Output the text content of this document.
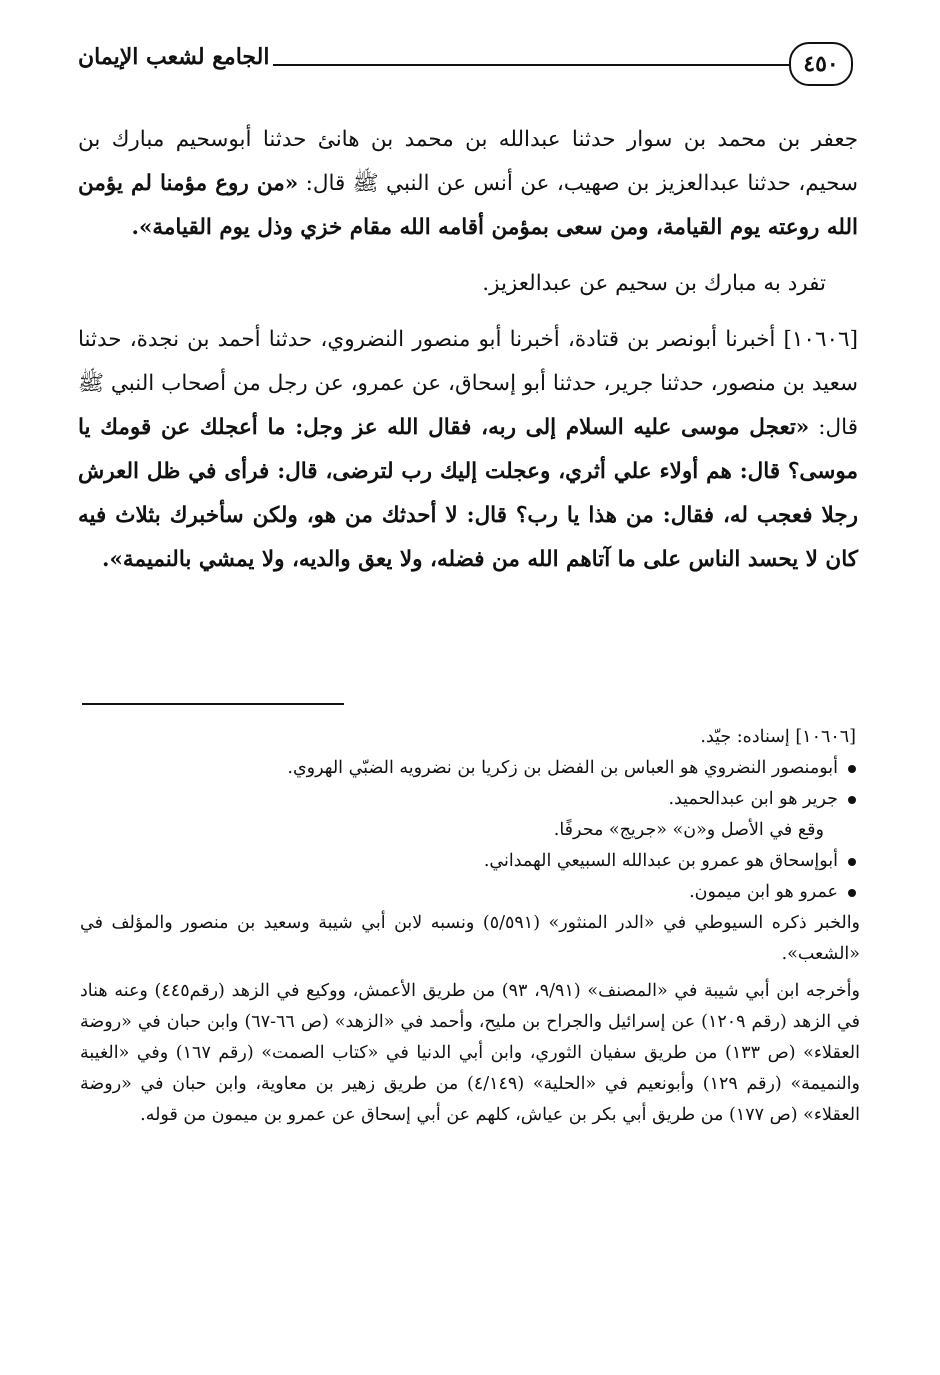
٤٥٠
الجامع لشعب الإيمان

جعفر بن محمد بن سوار حدثنا عبدالله بن محمد بن هانئ حدثنا أبوسحيم مبارك بن سحيم، حدثنا عبدالعزيز بن صهيب، عن أنس عن النبي ﷺ قال: «من روع مؤمنا لم يؤمن الله روعته يوم القيامة، ومن سعى بمؤمن أقامه الله مقام خزي وذل يوم القيامة».

تفرد به مبارك بن سحيم عن عبدالعزيز.

[١٠٦٠٦] أخبرنا أبونصر بن قتادة، أخبرنا أبو منصور النضروي، حدثنا أحمد بن نجدة، حدثنا سعيد بن منصور، حدثنا جرير، حدثنا أبو إسحاق، عن عمرو، عن رجل من أصحاب النبي ﷺ قال: «تعجل موسى عليه السلام إلى ربه، فقال الله عز وجل: ما أعجلك عن قومك يا موسى؟ قال: هم أولاء علي أثري، وعجلت إليك رب لترضى، قال: فرأى في ظل العرش رجلا فعجب له، فقال: من هذا يا رب؟ قال: لا أحدثك من هو، ولكن سأخبرك بثلاث فيه كان لا يحسد الناس على ما آتاهم الله من فضله، ولا يعق والديه، ولا يمشي بالنميمة».

[١٠٦٠٦] إسناده: جيّد.

أبومنصور النضروي هو العباس بن الفضل بن زكريا بن نضرويه الضبّي الهروي.
جرير هو ابن عبدالحميد.

وقع في الأصل و«ن» «جريج» محرفًا.

أبوإسحاق هو عمرو بن عبدالله السبيعي الهمداني.
عمرو هو ابن ميمون.

والخبر ذكره السيوطي في «الدر المنثور» (٥/٥٩١) ونسبه لابن أبي شيبة وسعيد بن منصور والمؤلف في «الشعب».

وأخرجه ابن أبي شيبة في «المصنف» (٩/٩١، ٩٣) من طريق الأعمش، ووكيع في الزهد (رقم٤٤٥) وعنه هناد في الزهد (رقم ١٢٠٩) عن إسرائيل والجراح بن مليح، وأحمد في «الزهد» (ص ٦٦-٦٧) وابن حبان في «روضة العقلاء» (ص ١٣٣) من طريق سفيان الثوري، وابن أبي الدنيا في «كتاب الصمت» (رقم ١٦٧) وفي «الغيبة والنميمة» (رقم ١٢٩) وأبونعيم في «الحلية» (٤/١٤٩) من طريق زهير بن معاوية، وابن حبان في «روضة العقلاء» (ص ١٧٧) من طريق أبي بكر بن عياش، كلهم عن أبي إسحاق عن عمرو بن ميمون من قوله.
